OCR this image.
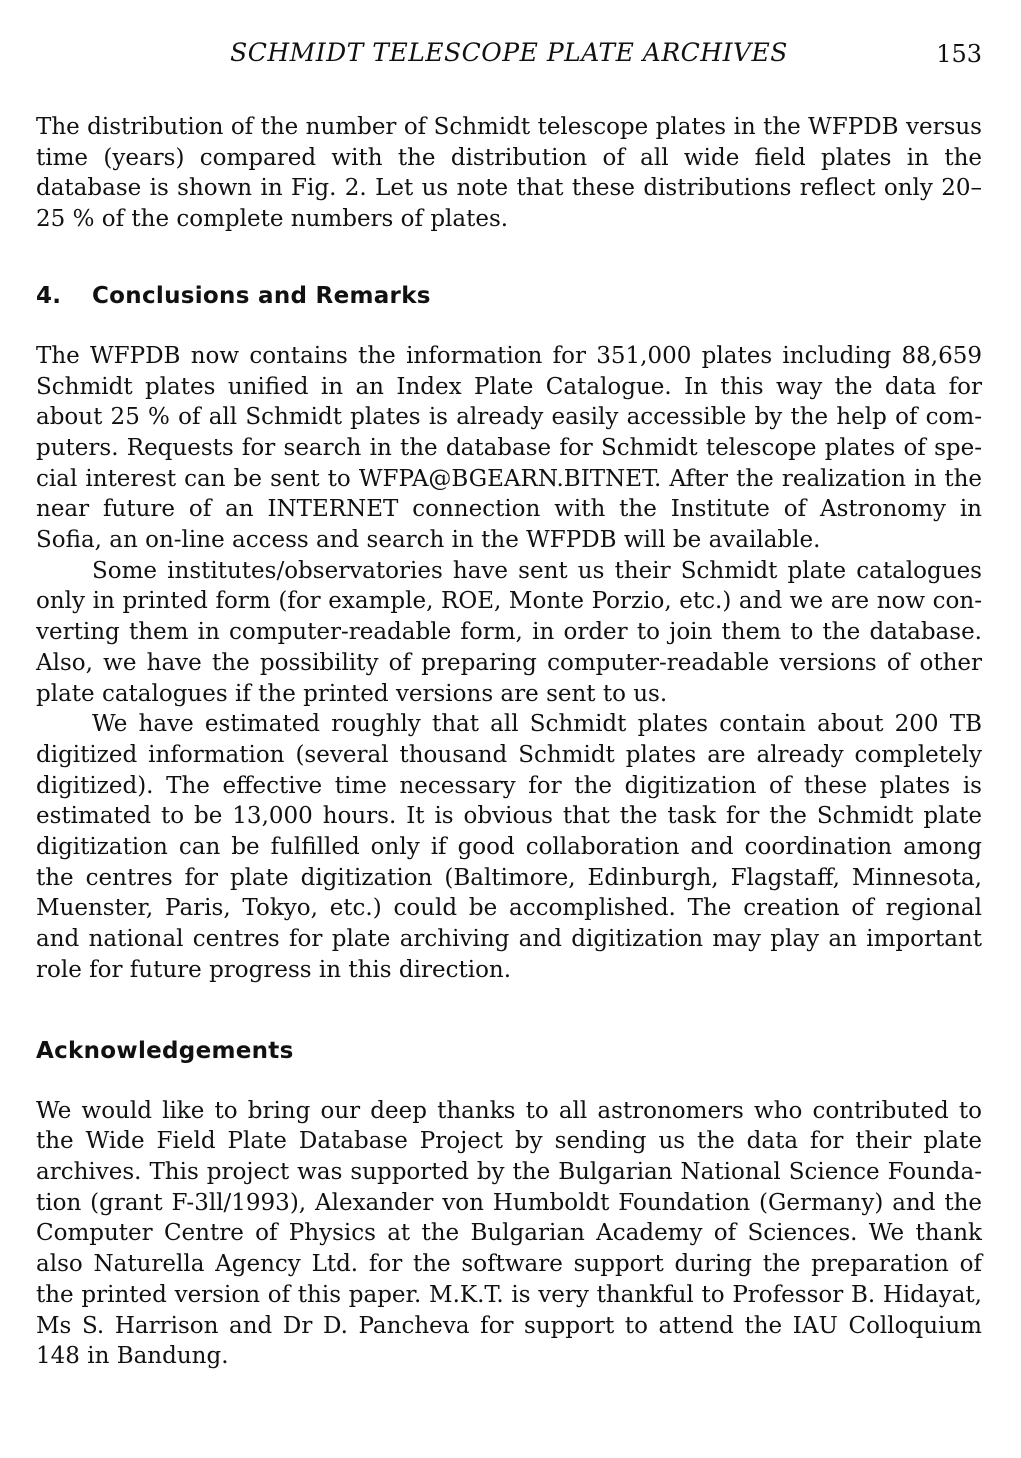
SCHMIDT TELESCOPE PLATE ARCHIVES	153

The distribution of the number of Schmidt telescope plates in the WFPDB versus time (years) compared with the distribution of all wide field plates in the database is shown in Fig. 2. Let us note that these distributions reflect only 20–25 % of the complete numbers of plates.

4. Conclusions and Remarks

The WFPDB now contains the information for 351,000 plates including 88,659 Schmidt plates unified in an Index Plate Catalogue. In this way the data for about 25 % of all Schmidt plates is already easily accessible by the help of computers. Requests for search in the database for Schmidt telescope plates of special interest can be sent to WFPA@BGEARN.BITNET. After the realization in the near future of an INTERNET connection with the Institute of Astronomy in Sofia, an on-line access and search in the WFPDB will be available.

Some institutes/observatories have sent us their Schmidt plate catalogues only in printed form (for example, ROE, Monte Porzio, etc.) and we are now converting them in computer-readable form, in order to join them to the database. Also, we have the possibility of preparing computer-readable versions of other plate catalogues if the printed versions are sent to us.

We have estimated roughly that all Schmidt plates contain about 200 TB digitized information (several thousand Schmidt plates are already completely digitized). The effective time necessary for the digitization of these plates is estimated to be 13,000 hours. It is obvious that the task for the Schmidt plate digitization can be fulfilled only if good collaboration and coordination among the centres for plate digitization (Baltimore, Edinburgh, Flagstaff, Minnesota, Muenster, Paris, Tokyo, etc.) could be accomplished. The creation of regional and national centres for plate archiving and digitization may play an important role for future progress in this direction.

Acknowledgements

We would like to bring our deep thanks to all astronomers who contributed to the Wide Field Plate Database Project by sending us the data for their plate archives. This project was supported by the Bulgarian National Science Foundation (grant F-3ll/1993), Alexander von Humboldt Foundation (Germany) and the Computer Centre of Physics at the Bulgarian Academy of Sciences. We thank also Naturella Agency Ltd. for the software support during the preparation of the printed version of this paper. M.K.T. is very thankful to Professor B. Hidayat, Ms S. Harrison and Dr D. Pancheva for support to attend the IAU Colloquium 148 in Bandung.
